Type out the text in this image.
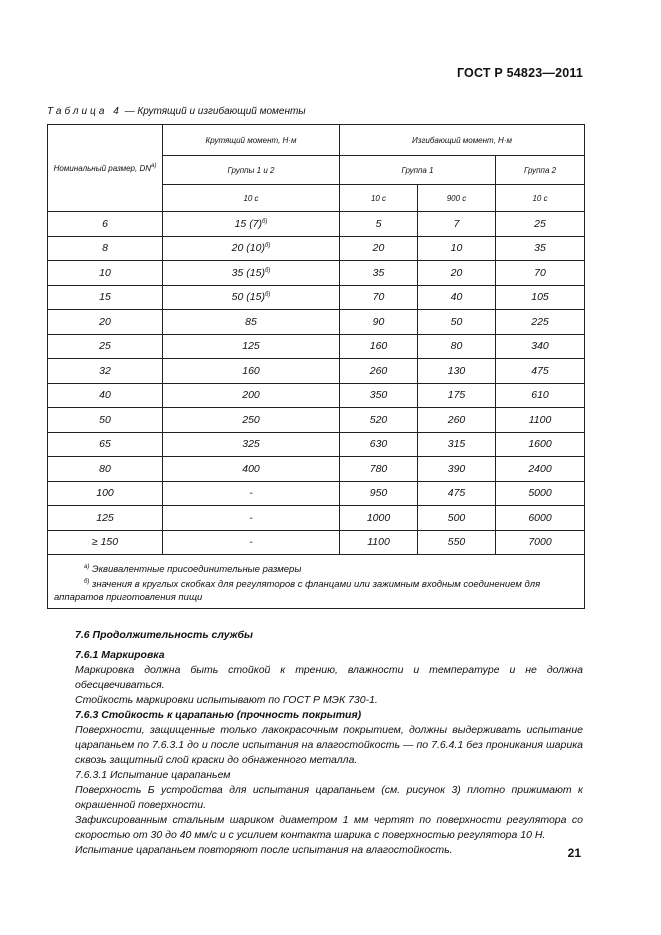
ГОСТ Р 54823—2011
Таблица 4 — Крутящий и изгибающий моменты
Номинальный размер, $DN^{а)}$	Крутящий момент, Н·м	Изгибающий момент, Н·м		
	Группы 1 и 2	Группа 1		Группа 2
	10 с	10 с	900 с	10 с
6	15 $(7)^{б)}$	5	7	25
8	20 $(10)^{б)}$	20	10	35
10	35 $(15)^{б)}$	35	20	70
15	50 $(15)^{б)}$	70	40	105
20	85	90	50	225
25	125	160	80	340
32	160	260	130	475
40	200	350	175	610
50	250	520	260	1100
65	325	630	315	1600
80	400	780	390	2400
100	-	950	475	5000
125	-	1000	500	6000
≥ 150	-	1100	550	7000

$^{а)}$ Эквивалентные присоединительные размеры
$^{б)}$ значения в круглых скобках для регуляторов с фланцами или зажимным входным соединением для аппаратов приготовления пищи				

7.6 Продолжительность службы

7.6.1 Маркировка

Маркировка должна быть стойкой к трению, влажности и температуре и не должна обесцвечиваться.

Стойкость маркировки испытывают по ГОСТ Р МЭК 730-1.

7.6.3 Стойкость к царапанью (прочность покрытия)

Поверхности, защищенные только лакокрасочным покрытием, должны выдерживать испытание царапаньем по 7.6.3.1 до и после испытания на влагостойкость — по 7.6.4.1 без проникания шарика сквозь защитный слой краски до обнаженного металла.

7.6.3.1 Испытание царапаньем

Поверхность Б устройства для испытания царапаньем (см. рисунок 3) плотно прижимают к окрашенной поверхности.

Зафиксированным стальным шариком диаметром 1 мм чертят по поверхности регулятора со скоростью от 30 до 40 мм/с и с усилием контакта шарика с поверхностью регулятора 10 Н.

Испытание царапаньем повторяют после испытания на влагостойкость.	21
